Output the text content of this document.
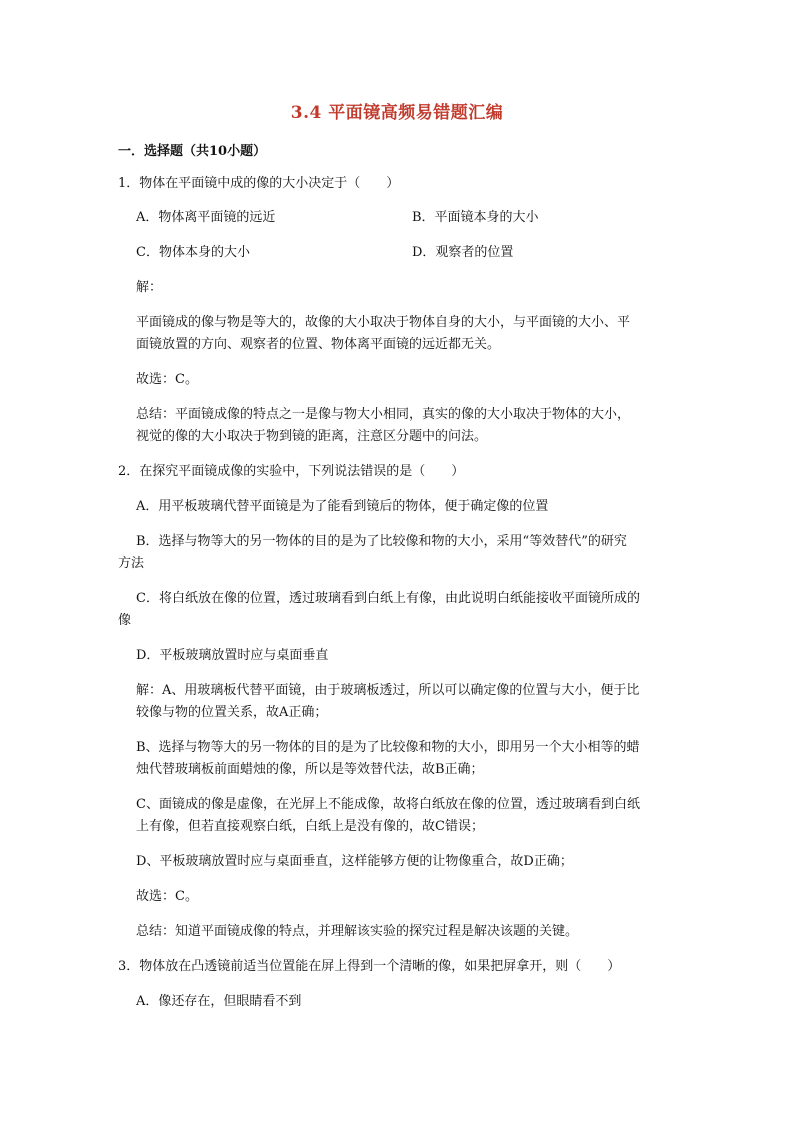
3.4 平面镜高频易错题汇编
一．选择题（共10小题）
1．物体在平面镜中成的像的大小决定于（　　）
A．物体离平面镜的远近	B．平面镜本身的大小
C．物体本身的大小	D．观察者的位置
解：
平面镜成的像与物是等大的，故像的大小取决于物体自身的大小，与平面镜的大小、平
面镜放置的方向、观察者的位置、物体离平面镜的远近都无关。
故选：C。
总结：平面镜成像的特点之一是像与物大小相同，真实的像的大小取决于物体的大小，
视觉的像的大小取决于物到镜的距离，注意区分题中的问法。
2．在探究平面镜成像的实验中，下列说法错误的是（　　）
A．用平板玻璃代替平面镜是为了能看到镜后的物体，便于确定像的位置
B．选择与物等大的另一物体的目的是为了比较像和物的大小，采用“等效替代”的研究
方法
C．将白纸放在像的位置，透过玻璃看到白纸上有像，由此说明白纸能接收平面镜所成的
像
D．平板玻璃放置时应与桌面垂直
解：A、用玻璃板代替平面镜，由于玻璃板透过，所以可以确定像的位置与大小，便于比
较像与物的位置关系，故A正确；
B、选择与物等大的另一物体的目的是为了比较像和物的大小，即用另一个大小相等的蜡
烛代替玻璃板前面蜡烛的像，所以是等效替代法，故B正确；
C、面镜成的像是虚像，在光屏上不能成像，故将白纸放在像的位置，透过玻璃看到白纸
上有像，但若直接观察白纸，白纸上是没有像的，故C错误；
D、平板玻璃放置时应与桌面垂直，这样能够方便的让物像重合，故D正确；
故选：C。
总结：知道平面镜成像的特点，并理解该实验的探究过程是解决该题的关键。
3．物体放在凸透镜前适当位置能在屏上得到一个清晰的像，如果把屏拿开，则（　　）
A．像还存在，但眼睛看不到
